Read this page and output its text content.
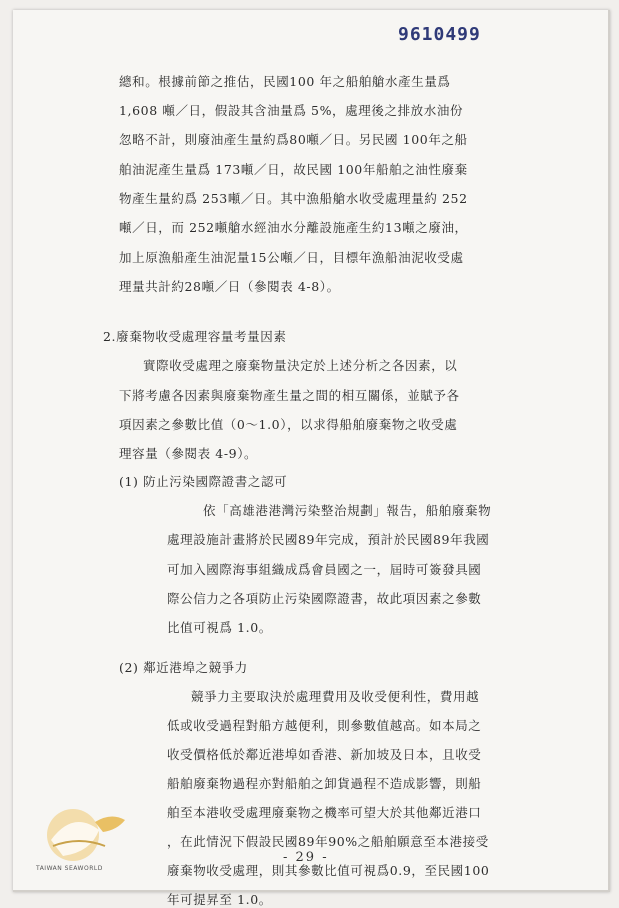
9610499
總和。根據前節之推估，民國100 年之船舶艙水產生量爲
1,608 噸／日，假設其含油量爲 5%，處理後之排放水油份
忽略不計，則廢油產生量約爲80噸／日。另民國 100年之船
舶油泥產生量爲 173噸／日，故民國 100年船舶之油性廢棄
物產生量約爲 253噸／日。其中漁船艙水收受處理量約 252
噸／日，而 252噸艙水經油水分離設施產生約13噸之廢油，
加上原漁船產生油泥量15公噸／日，目標年漁船油泥收受處
理量共計約28噸／日（參閱表 4-8）。
2.廢棄物收受處理容量考量因素
實際收受處理之廢棄物量決定於上述分析之各因素，以
下將考慮各因素與廢棄物產生量之間的相互關係，並賦予各
項因素之參數比值（0～1.0），以求得船舶廢棄物之收受處
理容量（參閱表 4-9）。
(1) 防止污染國際證書之認可
依「高雄港港灣污染整治規劃」報告，船舶廢棄物
處理設施計畫將於民國89年完成，預計於民國89年我國
可加入國際海事組織成爲會員國之一，屆時可簽發具國
際公信力之各項防止污染國際證書，故此項因素之參數
比值可視爲 1.0。
(2) 鄰近港埠之競爭力
競爭力主要取決於處理費用及收受便利性，費用越
低或收受過程對船方越便利，則參數值越高。如本局之
收受價格低於鄰近港埠如香港、新加坡及日本，且收受
船舶廢棄物過程亦對船舶之卸貨過程不造成影響，則船
舶至本港收受處理廢棄物之機率可望大於其他鄰近港口
，在此情況下假設民國89年90%之船舶願意至本港接受
廢棄物收受處理，則其參數比值可視爲0.9，至民國100
年可提昇至 1.0。
- 29 -
TAIWAN SEAWORLD
